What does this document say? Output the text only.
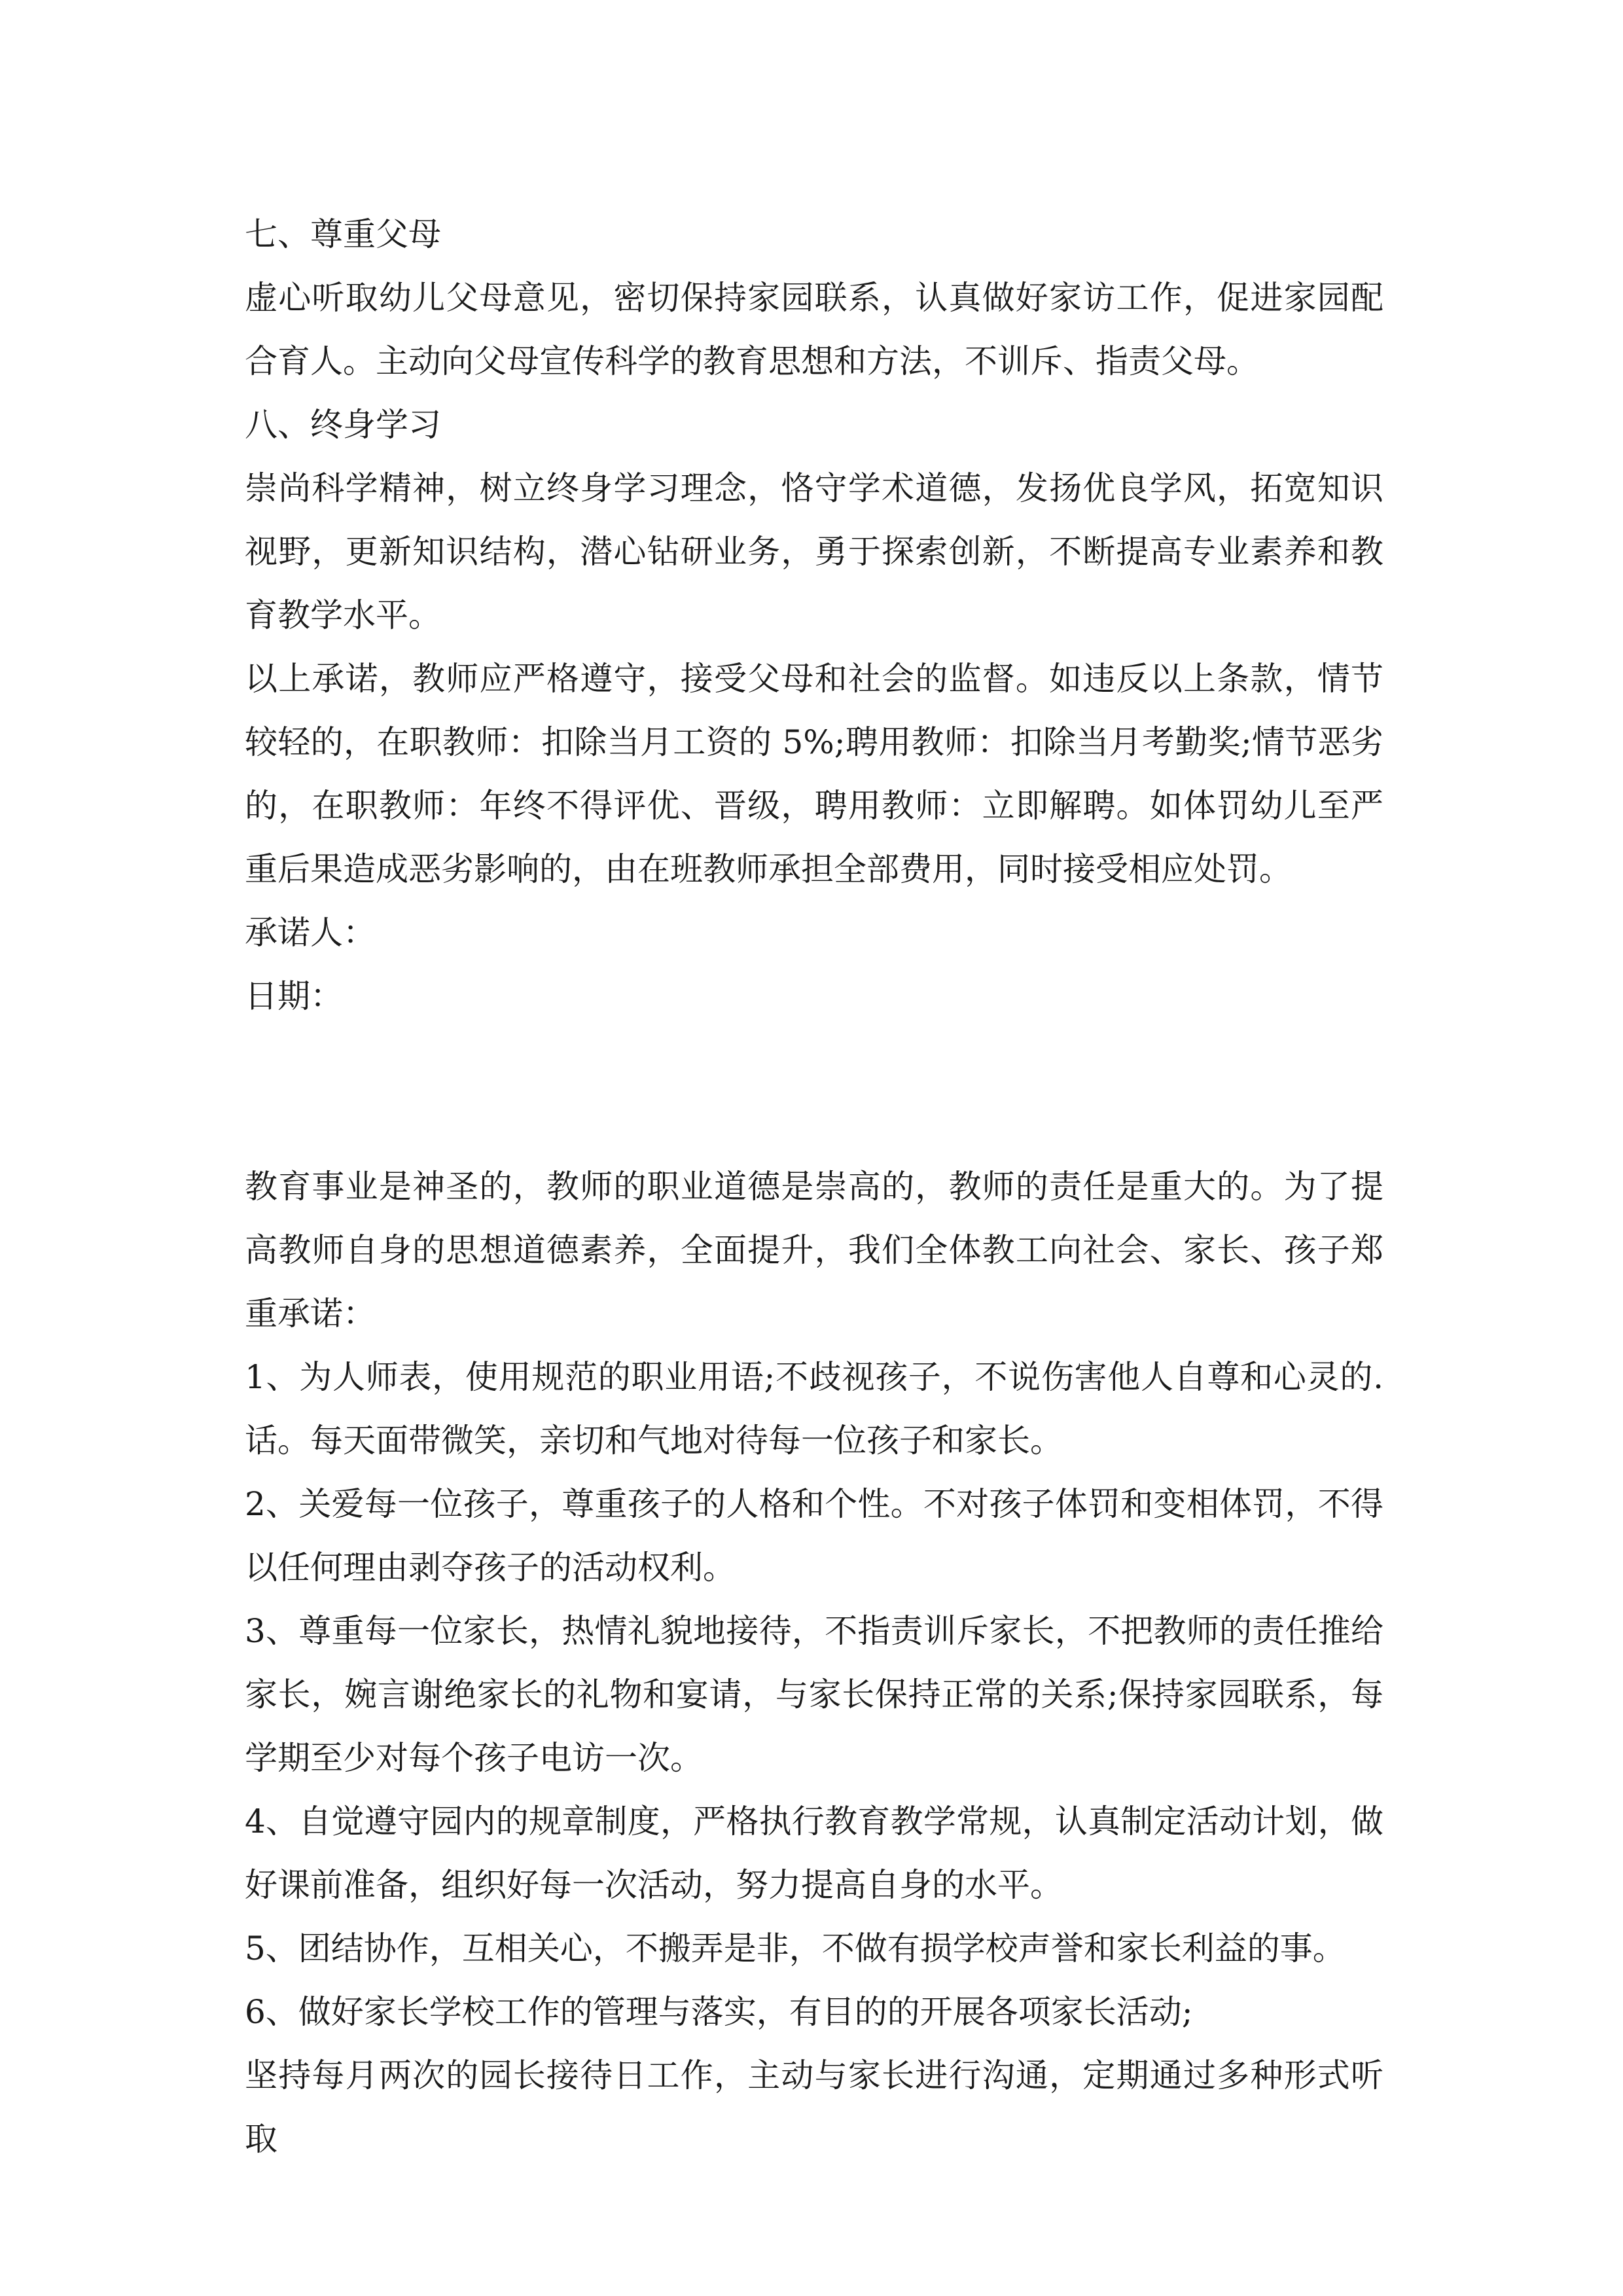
七、尊重父母

虚心听取幼儿父母意见，密切保持家园联系，认真做好家访工作，促进家园配合育人。主动向父母宣传科学的教育思想和方法，不训斥、指责父母。

八、终身学习

崇尚科学精神，树立终身学习理念，恪守学术道德，发扬优良学风，拓宽知识视野，更新知识结构，潜心钻研业务，勇于探索创新，不断提高专业素养和教育教学水平。

以上承诺，教师应严格遵守，接受父母和社会的监督。如违反以上条款，情节较轻的，在职教师：扣除当月工资的 5%;聘用教师：扣除当月考勤奖;情节恶劣的，在职教师：年终不得评优、晋级，聘用教师：立即解聘。如体罚幼儿至严重后果造成恶劣影响的，由在班教师承担全部费用，同时接受相应处罚。

承诺人：

日期：

教育事业是神圣的，教师的职业道德是崇高的，教师的责任是重大的。为了提高教师自身的思想道德素养，全面提升，我们全体教工向社会、家长、孩子郑重承诺：

1、为人师表，使用规范的职业用语;不歧视孩子，不说伤害他人自尊和心灵的.话。每天面带微笑，亲切和气地对待每一位孩子和家长。

2、关爱每一位孩子，尊重孩子的人格和个性。不对孩子体罚和变相体罚，不得以任何理由剥夺孩子的活动权利。

3、尊重每一位家长，热情礼貌地接待，不指责训斥家长，不把教师的责任推给家长，婉言谢绝家长的礼物和宴请，与家长保持正常的关系;保持家园联系，每学期至少对每个孩子电访一次。

4、自觉遵守园内的规章制度，严格执行教育教学常规，认真制定活动计划，做好课前准备，组织好每一次活动，努力提高自身的水平。

5、团结协作，互相关心，不搬弄是非，不做有损学校声誉和家长利益的事。

6、做好家长学校工作的管理与落实，有目的的开展各项家长活动;

坚持每月两次的园长接待日工作，主动与家长进行沟通，定期通过多种形式听取
